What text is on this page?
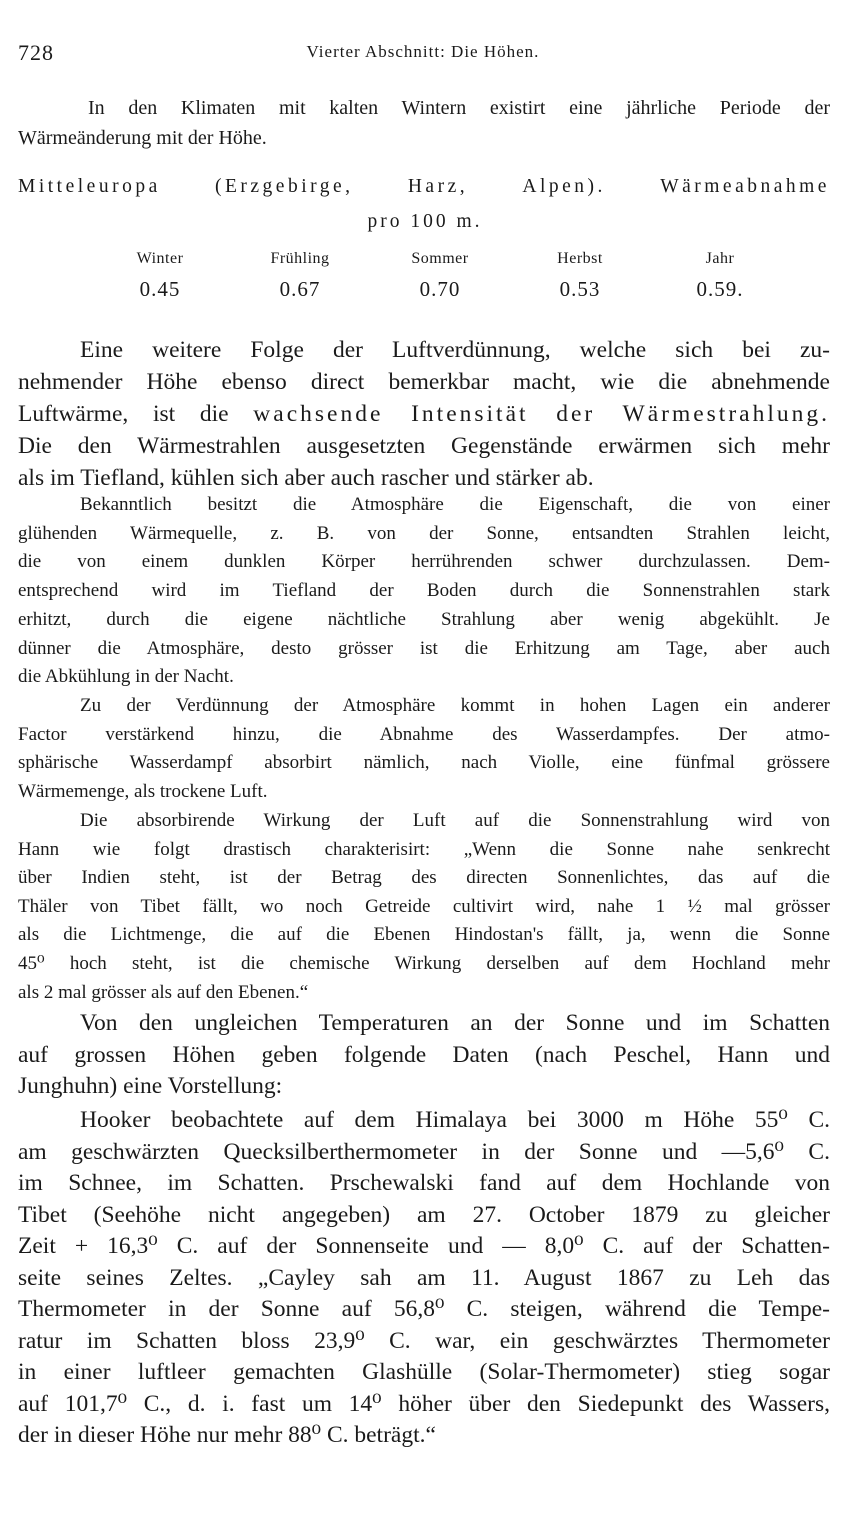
728	Vierter Abschnitt: Die Höhen.
In den Klimaten mit kalten Wintern existirt eine jährliche Periode der
Wärmeänderung mit der Höhe.
Mitteleuropa	(Erzgebirge,	Harz,	Alpen).	Wärmeabnahme
pro 100 m.
Winter	Frühling	Sommer	Herbst	Jahr
0.45	0.67	0.70	0.53	0.59.
Eine weitere Folge der Luftverdünnung, welche sich bei zu-
nehmender Höhe ebenso direct bemerkbar macht, wie die abnehmende
Luftwärme, ist die wachsende Intensität der Wärmestrahlung.
Die den Wärmestrahlen ausgesetzten Gegenstände erwärmen sich mehr
als im Tiefland, kühlen sich aber auch rascher und stärker ab.
Bekanntlich besitzt die Atmosphäre die Eigenschaft, die von einer
glühenden Wärmequelle, z. B. von der Sonne, entsandten Strahlen leicht,
die von einem dunklen Körper herrührenden schwer durchzulassen. Dem-
entsprechend wird im Tiefland der Boden durch die Sonnenstrahlen stark
erhitzt, durch die eigene nächtliche Strahlung aber wenig abgekühlt. Je
dünner die Atmosphäre, desto grösser ist die Erhitzung am Tage, aber auch
die Abkühlung in der Nacht.
Zu der Verdünnung der Atmosphäre kommt in hohen Lagen ein anderer
Factor verstärkend hinzu, die Abnahme des Wasserdampfes. Der atmo-
sphärische Wasserdampf absorbirt nämlich, nach Violle, eine fünfmal grössere
Wärmemenge, als trockene Luft.
Die absorbirende Wirkung der Luft auf die Sonnenstrahlung wird von
Hann wie folgt drastisch charakterisirt: „Wenn die Sonne nahe senkrecht
über Indien steht, ist der Betrag des directen Sonnenlichtes, das auf die
Thäler von Tibet fällt, wo noch Getreide cultivirt wird, nahe 1 ½ mal grösser
als die Lichtmenge, die auf die Ebenen Hindostan's fällt, ja, wenn die Sonne
45⁰ hoch steht, ist die chemische Wirkung derselben auf dem Hochland mehr
als 2 mal grösser als auf den Ebenen.“
Von den ungleichen Temperaturen an der Sonne und im Schatten
auf grossen Höhen geben folgende Daten (nach Peschel, Hann und
Junghuhn) eine Vorstellung:
Hooker beobachtete auf dem Himalaya bei 3000 m Höhe 55⁰ C.
am geschwärzten Quecksilberthermometer in der Sonne und —5,6⁰ C.
im Schnee, im Schatten. Prschewalski fand auf dem Hochlande von
Tibet (Seehöhe nicht angegeben) am 27. October 1879 zu gleicher
Zeit + 16,3⁰ C. auf der Sonnenseite und — 8,0⁰ C. auf der Schatten-
seite seines Zeltes. „Cayley sah am 11. August 1867 zu Leh das
Thermometer in der Sonne auf 56,8⁰ C. steigen, während die Tempe-
ratur im Schatten bloss 23,9⁰ C. war, ein geschwärztes Thermometer
in einer luftleer gemachten Glashülle (Solar-Thermometer) stieg sogar
auf 101,7⁰ C., d. i. fast um 14⁰ höher über den Siedepunkt des Wassers,
der in dieser Höhe nur mehr 88⁰ C. beträgt.“
